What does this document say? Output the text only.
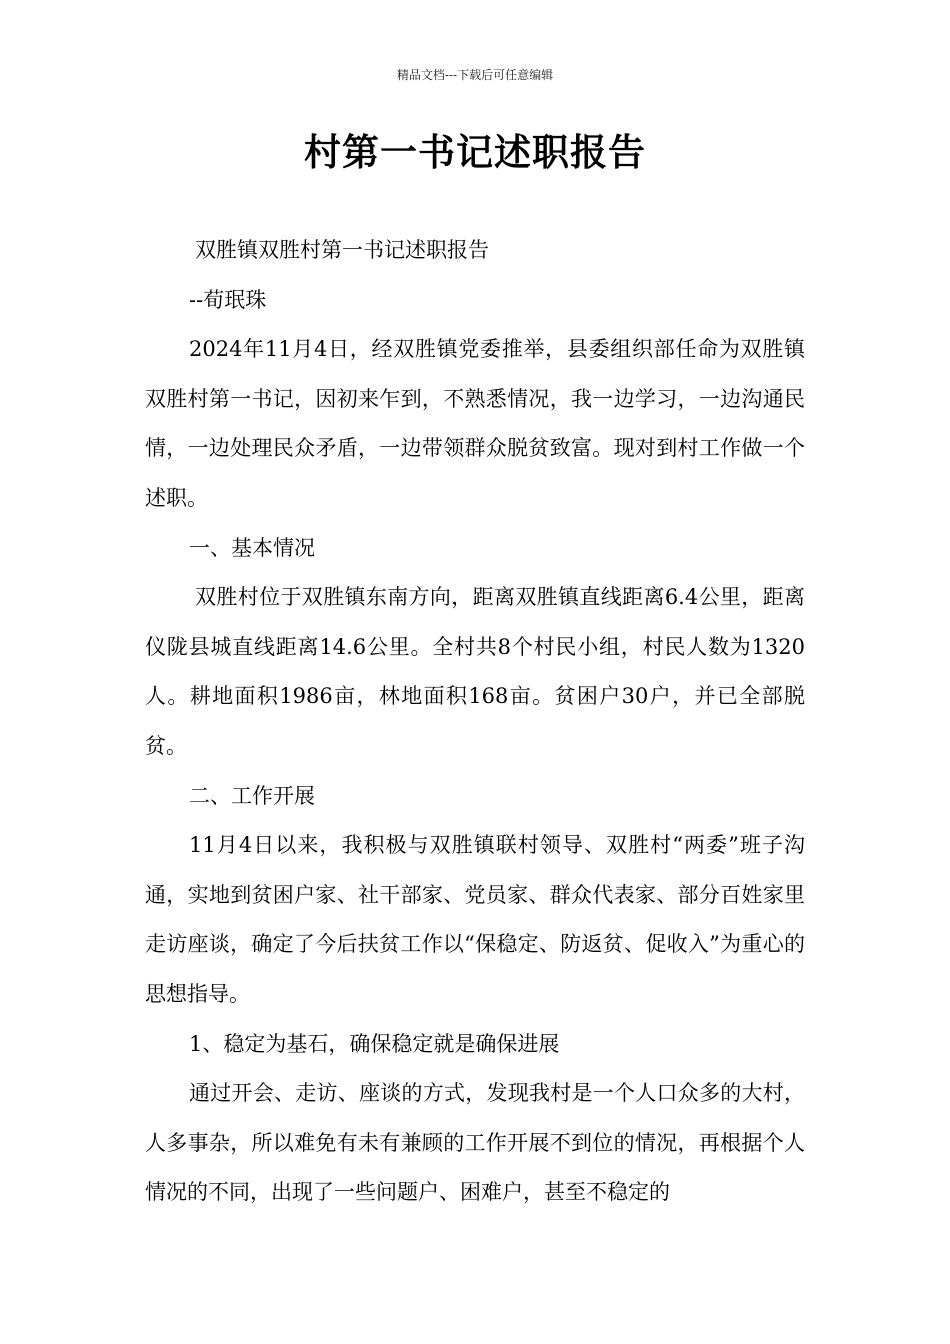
精品文档---下载后可任意编辑
村第一书记述职报告

双胜镇双胜村第一书记述职报告

--荀珉珠

2024年11月4日，经双胜镇党委推举，县委组织部任命为双胜镇双胜村第一书记，因初来乍到，不熟悉情况，我一边学习，一边沟通民情，一边处理民众矛盾，一边带领群众脱贫致富。现对到村工作做一个述职。

一、基本情况

双胜村位于双胜镇东南方向，距离双胜镇直线距离6.4公里，距离仪陇县城直线距离14.6公里。全村共8个村民小组，村民人数为1320人。耕地面积1986亩，林地面积168亩。贫困户30户，并已全部脱贫。

二、工作开展

11月4日以来，我积极与双胜镇联村领导、双胜村“两委”班子沟通，实地到贫困户家、社干部家、党员家、群众代表家、部分百姓家里走访座谈，确定了今后扶贫工作以“保稳定、防返贫、促收入”为重心的思想指导。

1、稳定为基石，确保稳定就是确保进展

通过开会、走访、座谈的方式，发现我村是一个人口众多的大村，人多事杂，所以难免有未有兼顾的工作开展不到位的情况，再根据个人情况的不同，出现了一些问题户、困难户，甚至不稳定的
